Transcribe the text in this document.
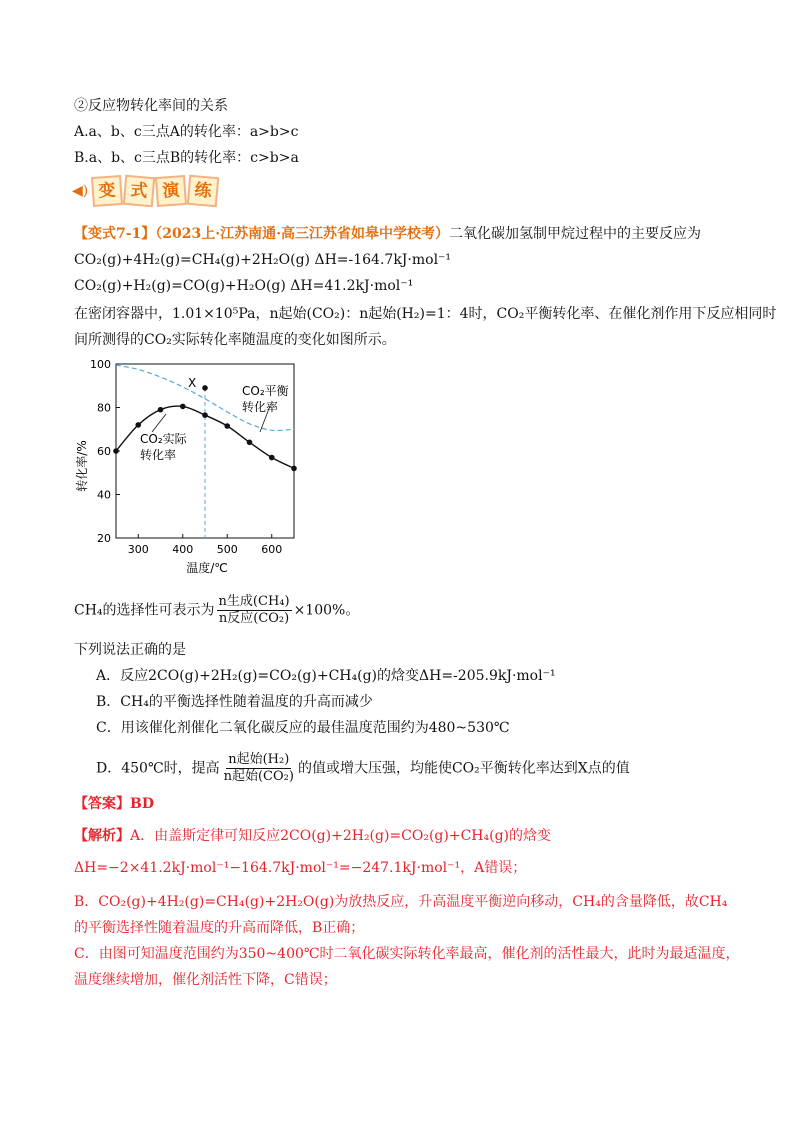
②反应物转化率间的关系
A.a、b、c三点A的转化率：a>b>c
B.a、b、c三点B的转化率：c>b>a
◀) 变 式 演 练
【变式7-1】（2023上·江苏南通·高三江苏省如皋中学校考）二氧化碳加氢制甲烷过程中的主要反应为
CO₂(g)+4H₂(g)=CH₄(g)+2H₂O(g) ΔH=-164.7kJ·mol⁻¹
CO₂(g)+H₂(g)=CO(g)+H₂O(g) ΔH=41.2kJ·mol⁻¹
在密闭容器中，1.01×10⁵Pa，n起始(CO₂)：n起始(H₂)=1：4时，CO₂平衡转化率、在催化剂作用下反应相同时
间所测得的CO₂实际转化率随温度的变化如图所示。
20
40
60
80
100
300 400 500 600
X
温度/℃
转化率/%
CO₂平衡
转化率
CO₂实际
转化率
CH₄的选择性可表示为 $\frac{\text{n生成(CH₄)}}{\text{n反应(CO₂)}} \times 100\%$。
下列说法正确的是
A．反应2CO(g)+2H₂(g)=CO₂(g)+CH₄(g)的焓变ΔH=-205.9kJ·mol⁻¹
B．CH₄的平衡选择性随着温度的升高而减少
C．用该催化剂催化二氧化碳反应的最佳温度范围约为480~530℃
D．450℃时，提高 $\frac{\text{n起始(H₂)}}{\text{n起始(CO₂)}}$ 的值或增大压强，均能使CO₂平衡转化率达到X点的值
【答案】BD
【解析】A．由盖斯定律可知反应2CO(g)+2H₂(g)=CO₂(g)+CH₄(g)的焓变
ΔH=−2×41.2kJ·mol⁻¹−164.7kJ·mol⁻¹=−247.1kJ·mol⁻¹，A错误；
B．CO₂(g)+4H₂(g)=CH₄(g)+2H₂O(g)为放热反应，升高温度平衡逆向移动，CH₄的含量降低，故CH₄
的平衡选择性随着温度的升高而降低，B正确；
C．由图可知温度范围约为350~400℃时二氧化碳实际转化率最高，催化剂的活性最大，此时为最适温度，
温度继续增加，催化剂活性下降，C错误；
